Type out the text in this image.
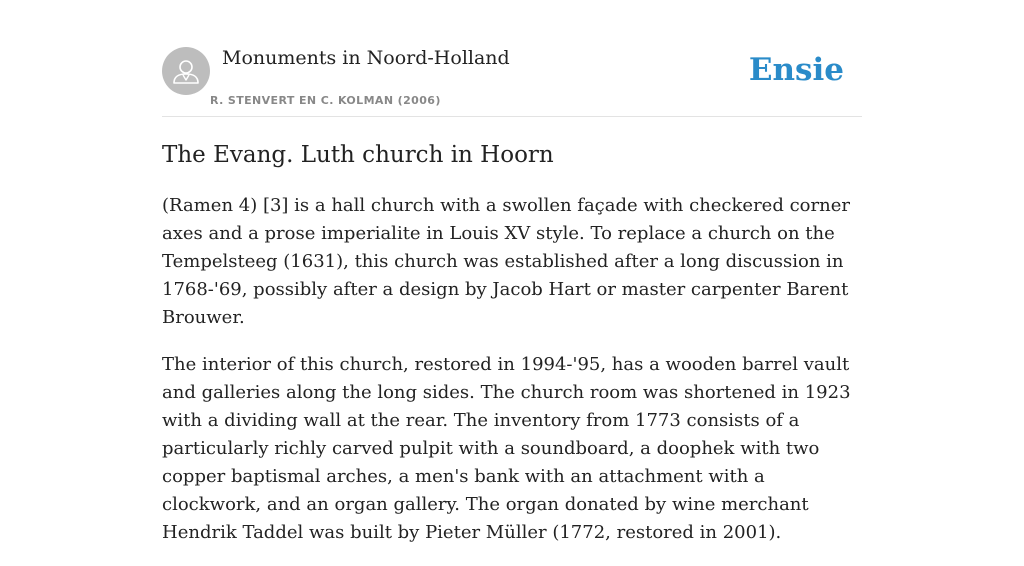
Monuments in Noord-Holland
R. STENVERT EN C. KOLMAN (2006)
Ensie
The Evang. Luth church in Hoorn

(Ramen 4) [3] is a hall church with a swollen façade with checkered corner axes and a prose imperialite in Louis XV style. To replace a church on the Tempelsteeg (1631), this church was established after a long discussion in 1768-'69, possibly after a design by Jacob Hart or master carpenter Barent Brouwer.

The interior of this church, restored in 1994-'95, has a wooden barrel vault and galleries along the long sides. The church room was shortened in 1923 with a dividing wall at the rear. The inventory from 1773 consists of a particularly richly carved pulpit with a soundboard, a doophek with two copper baptismal arches, a men's bank with an attachment with a clockwork, and an organ gallery. The organ donated by wine merchant Hendrik Taddel was built by Pieter Müller (1772, restored in 2001).
